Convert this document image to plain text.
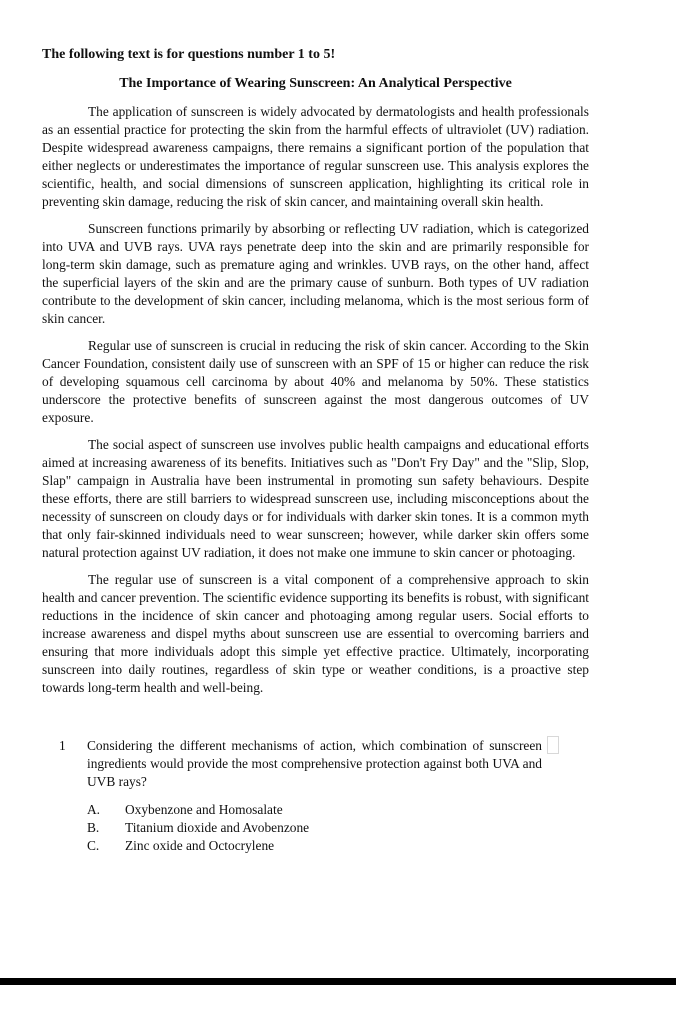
The following text is for questions number 1 to 5!

The Importance of Wearing Sunscreen: An Analytical Perspective

The application of sunscreen is widely advocated by dermatologists and health professionals as an essential practice for protecting the skin from the harmful effects of ultraviolet (UV) radiation. Despite widespread awareness campaigns, there remains a significant portion of the population that either neglects or underestimates the importance of regular sunscreen use. This analysis explores the scientific, health, and social dimensions of sunscreen application, highlighting its critical role in preventing skin damage, reducing the risk of skin cancer, and maintaining overall skin health.

Sunscreen functions primarily by absorbing or reflecting UV radiation, which is categorized into UVA and UVB rays. UVA rays penetrate deep into the skin and are primarily responsible for long-term skin damage, such as premature aging and wrinkles. UVB rays, on the other hand, affect the superficial layers of the skin and are the primary cause of sunburn. Both types of UV radiation contribute to the development of skin cancer, including melanoma, which is the most serious form of skin cancer.

Regular use of sunscreen is crucial in reducing the risk of skin cancer. According to the Skin Cancer Foundation, consistent daily use of sunscreen with an SPF of 15 or higher can reduce the risk of developing squamous cell carcinoma by about 40% and melanoma by 50%. These statistics underscore the protective benefits of sunscreen against the most dangerous outcomes of UV exposure.

The social aspect of sunscreen use involves public health campaigns and educational efforts aimed at increasing awareness of its benefits. Initiatives such as "Don't Fry Day" and the "Slip, Slop, Slap" campaign in Australia have been instrumental in promoting sun safety behaviours. Despite these efforts, there are still barriers to widespread sunscreen use, including misconceptions about the necessity of sunscreen on cloudy days or for individuals with darker skin tones. It is a common myth that only fair-skinned individuals need to wear sunscreen; however, while darker skin offers some natural protection against UV radiation, it does not make one immune to skin cancer or photoaging.

The regular use of sunscreen is a vital component of a comprehensive approach to skin health and cancer prevention. The scientific evidence supporting its benefits is robust, with significant reductions in the incidence of skin cancer and photoaging among regular users. Social efforts to increase awareness and dispel myths about sunscreen use are essential to overcoming barriers and ensuring that more individuals adopt this simple yet effective practice. Ultimately, incorporating sunscreen into daily routines, regardless of skin type or weather conditions, is a proactive step towards long-term health and well-being.

1 Considering the different mechanisms of action, which combination of sunscreen ingredients would provide the most comprehensive protection against both UVA and UVB rays?

A.	Oxybenzone and Homosalate
B.	Titanium dioxide and Avobenzone
C.	Zinc oxide and Octocrylene
